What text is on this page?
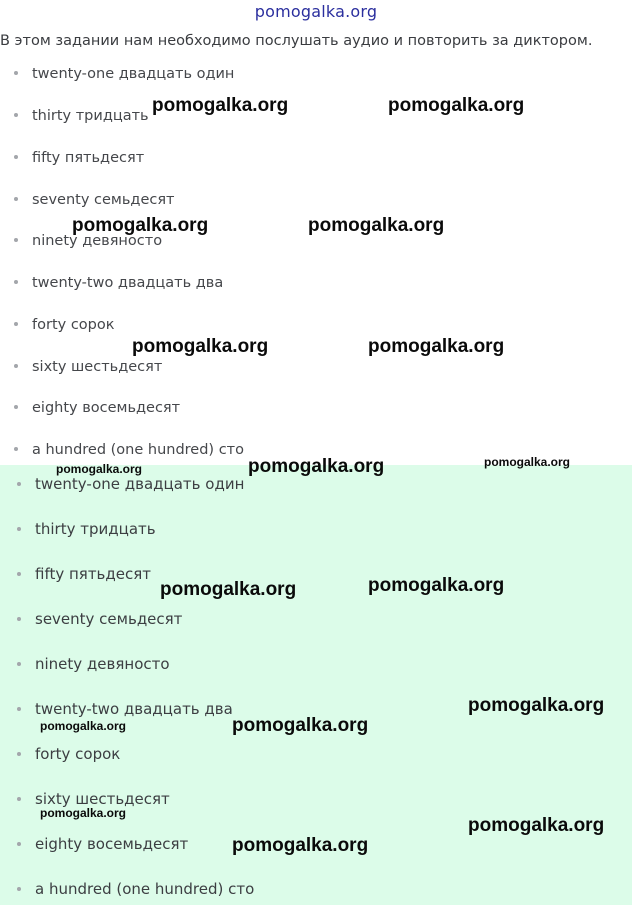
pomogalka.org
В этом задании нам необходимо послушать аудио и повторить за диктором.
twenty-one двадцать один
thirty тридцать
fifty пятьдесят
seventy семьдесят
ninety девяносто
twenty-two двадцать два
forty сорок
sixty шестьдесят
eighty восемьдесят
a hundred (one hundred) сто
twenty-one двадцать один
thirty тридцать
fifty пятьдесят
seventy семьдесят
ninety девяносто
twenty-two двадцать два
forty сорок
sixty шестьдесят
eighty восемьдесят
a hundred (one hundred) сто
pomogalka.org	pomogalka.org
pomogalka.org	pomogalka.org
pomogalka.org	pomogalka.org
pomogalka.org	pomogalka.org	pomogalka.org
pomogalka.org	pomogalka.org
pomogalka.org
pomogalka.org	pomogalka.org
pomogalka.org
pomogalka.org
pomogalka.org
